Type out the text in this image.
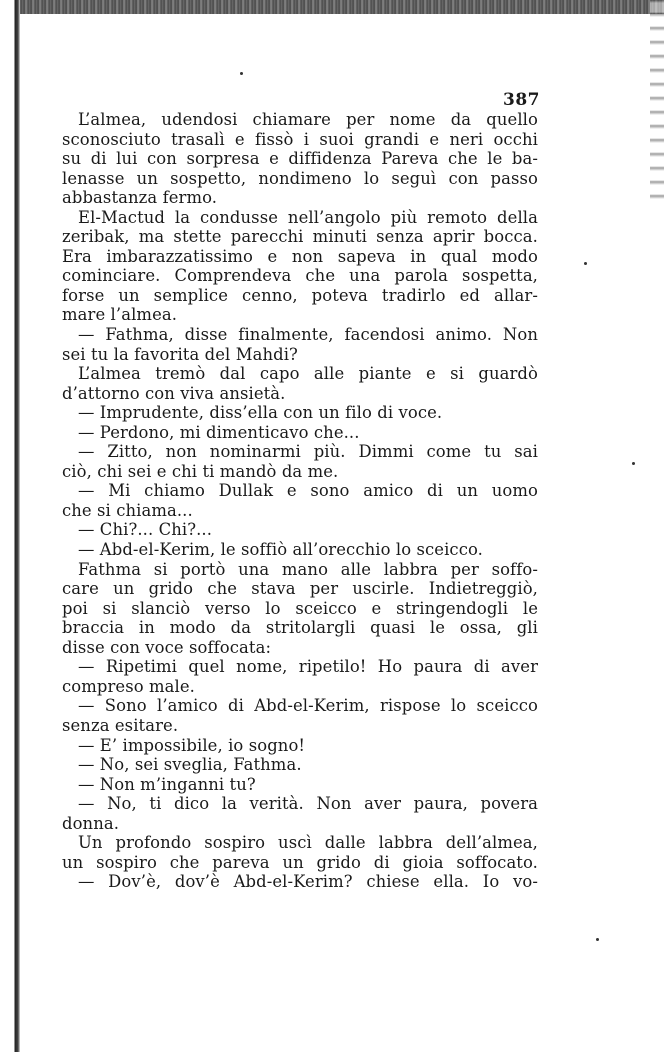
387
L’almea, udendosi chiamare per nome da quello
sconosciuto trasalì e fissò i suoi grandi e neri occhi
su di lui con sorpresa e diffidenza Pareva che le ba-
lenasse un sospetto, nondimeno lo seguì con passo
abbastanza fermo.
El-Mactud la condusse nell’angolo più remoto della
zeribak, ma stette parecchi minuti senza aprir bocca.
Era imbarazzatissimo e non sapeva in qual modo
cominciare. Comprendeva che una parola sospetta,
forse un semplice cenno, poteva tradirlo ed allar-
mare l’almea.
— Fathma, disse finalmente, facendosi animo. Non
sei tu la favorita del Mahdi?
L’almea tremò dal capo alle piante e si guardò
d’attorno con viva ansietà.
— Imprudente, diss’ella con un filo di voce.
— Perdono, mi dimenticavo che...
— Zitto, non nominarmi più. Dimmi come tu sai
ciò, chi sei e chi ti mandò da me.
— Mi chiamo Dullak e sono amico di un uomo
che si chiama...
— Chi?... Chi?...
— Abd-el-Kerim, le soffiò all’orecchio lo sceicco.
Fathma si portò una mano alle labbra per soffo-
care un grido che stava per uscirle. Indietreggiò,
poi si slanciò verso lo sceicco e stringendogli le
braccia in modo da stritolargli quasi le ossa, gli
disse con voce soffocata:
— Ripetimi quel nome, ripetilo! Ho paura di aver
compreso male.
— Sono l’amico di Abd-el-Kerim, rispose lo sceicco
senza esitare.
— E’ impossibile, io sogno!
— No, sei sveglia, Fathma.
— Non m’inganni tu?
— No, ti dico la verità. Non aver paura, povera
donna.
Un profondo sospiro uscì dalle labbra dell’almea,
un sospiro che pareva un grido di gioia soffocato.
— Dov’è, dov’è Abd-el-Kerim? chiese ella. Io vo-
